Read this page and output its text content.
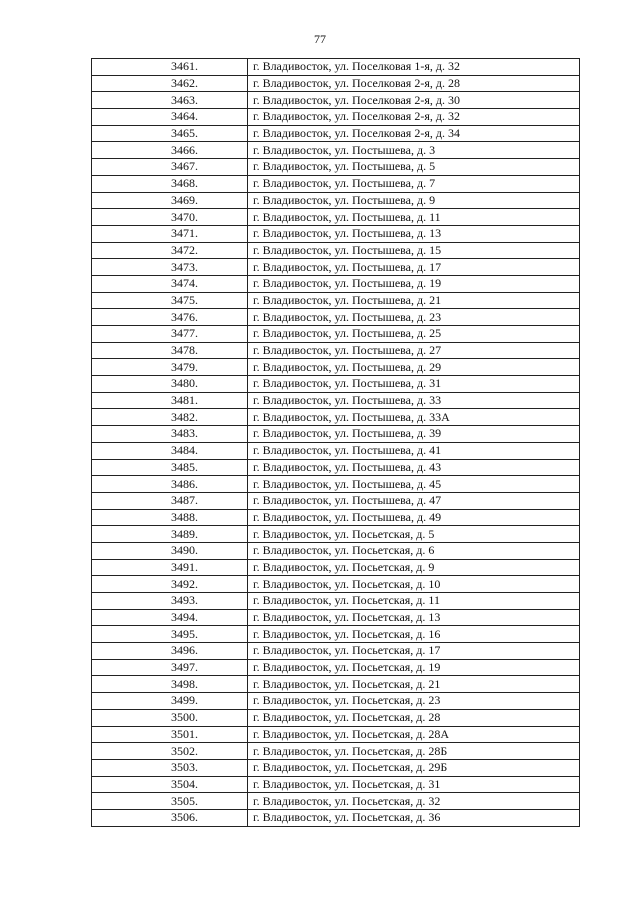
77
3461.	г. Владивосток, ул. Поселковая 1-я, д. 32
3462.	г. Владивосток, ул. Поселковая 2-я, д. 28
3463.	г. Владивосток, ул. Поселковая 2-я, д. 30
3464.	г. Владивосток, ул. Поселковая 2-я, д. 32
3465.	г. Владивосток, ул. Поселковая 2-я, д. 34
3466.	г. Владивосток, ул. Постышева, д. 3
3467.	г. Владивосток, ул. Постышева, д. 5
3468.	г. Владивосток, ул. Постышева, д. 7
3469.	г. Владивосток, ул. Постышева, д. 9
3470.	г. Владивосток, ул. Постышева, д. 11
3471.	г. Владивосток, ул. Постышева, д. 13
3472.	г. Владивосток, ул. Постышева, д. 15
3473.	г. Владивосток, ул. Постышева, д. 17
3474.	г. Владивосток, ул. Постышева, д. 19
3475.	г. Владивосток, ул. Постышева, д. 21
3476.	г. Владивосток, ул. Постышева, д. 23
3477.	г. Владивосток, ул. Постышева, д. 25
3478.	г. Владивосток, ул. Постышева, д. 27
3479.	г. Владивосток, ул. Постышева, д. 29
3480.	г. Владивосток, ул. Постышева, д. 31
3481.	г. Владивосток, ул. Постышева, д. 33
3482.	г. Владивосток, ул. Постышева, д. 33А
3483.	г. Владивосток, ул. Постышева, д. 39
3484.	г. Владивосток, ул. Постышева, д. 41
3485.	г. Владивосток, ул. Постышева, д. 43
3486.	г. Владивосток, ул. Постышева, д. 45
3487.	г. Владивосток, ул. Постышева, д. 47
3488.	г. Владивосток, ул. Постышева, д. 49
3489.	г. Владивосток, ул. Посьетская, д. 5
3490.	г. Владивосток, ул. Посьетская, д. 6
3491.	г. Владивосток, ул. Посьетская, д. 9
3492.	г. Владивосток, ул. Посьетская, д. 10
3493.	г. Владивосток, ул. Посьетская, д. 11
3494.	г. Владивосток, ул. Посьетская, д. 13
3495.	г. Владивосток, ул. Посьетская, д. 16
3496.	г. Владивосток, ул. Посьетская, д. 17
3497.	г. Владивосток, ул. Посьетская, д. 19
3498.	г. Владивосток, ул. Посьетская, д. 21
3499.	г. Владивосток, ул. Посьетская, д. 23
3500.	г. Владивосток, ул. Посьетская, д. 28
3501.	г. Владивосток, ул. Посьетская, д. 28А
3502.	г. Владивосток, ул. Посьетская, д. 28Б
3503.	г. Владивосток, ул. Посьетская, д. 29Б
3504.	г. Владивосток, ул. Посьетская, д. 31
3505.	г. Владивосток, ул. Посьетская, д. 32
3506.	г. Владивосток, ул. Посьетская, д. 36
